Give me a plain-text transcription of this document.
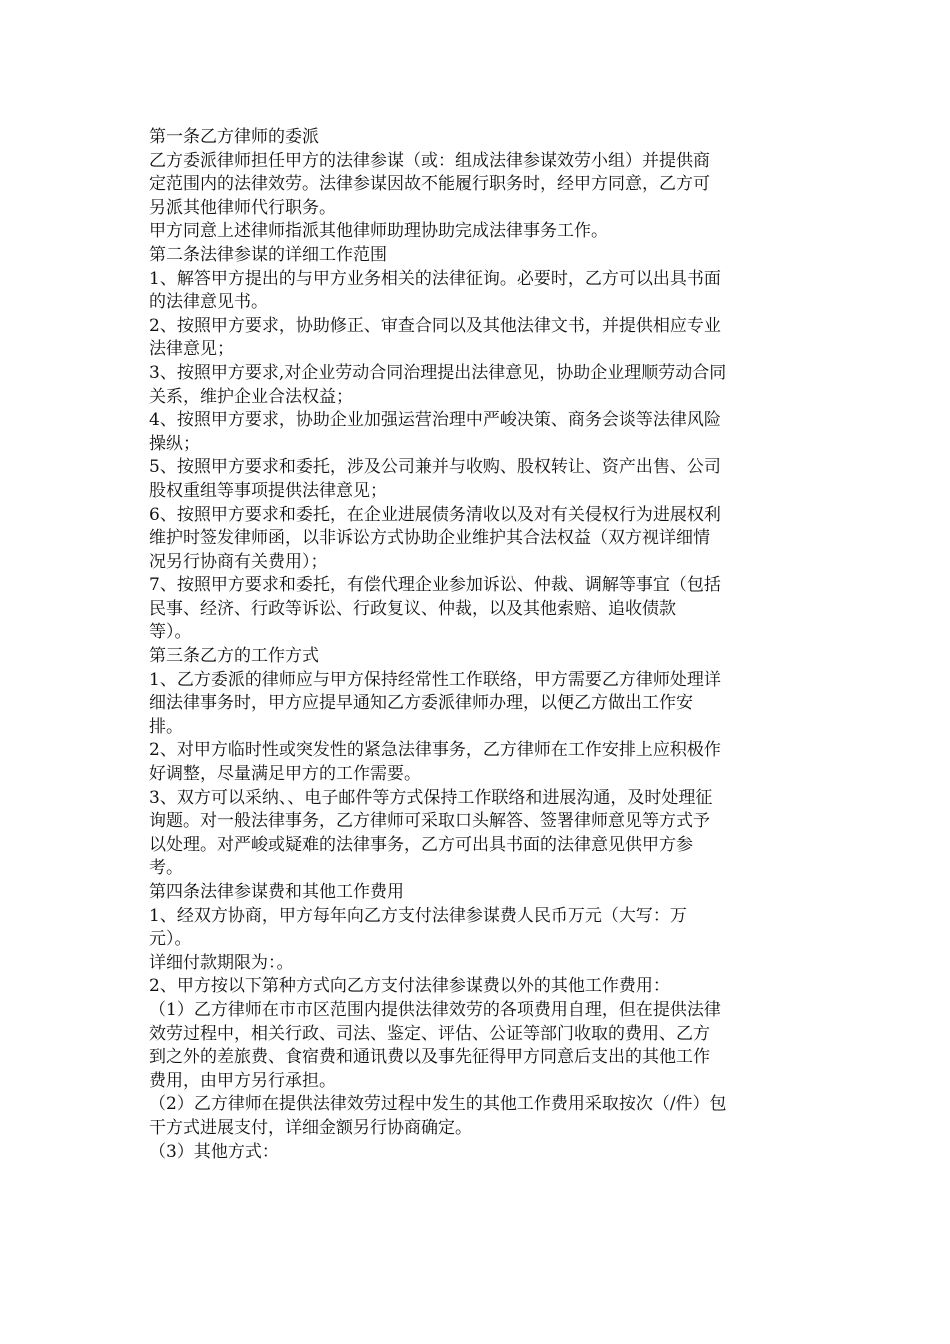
第一条乙方律师的委派

乙方委派律师担任甲方的法律参谋（或：组成法律参谋效劳小组）并提供商

定范围内的法律效劳。法律参谋因故不能履行职务时，经甲方同意，乙方可

另派其他律师代行职务。

甲方同意上述律师指派其他律师助理协助完成法律事务工作。

第二条法律参谋的详细工作范围

1、解答甲方提出的与甲方业务相关的法律征询。必要时，乙方可以出具书面

的法律意见书。

2、按照甲方要求，协助修正、审查合同以及其他法律文书，并提供相应专业

法律意见；

3、按照甲方要求,对企业劳动合同治理提出法律意见，协助企业理顺劳动合同

关系，维护企业合法权益；

4、按照甲方要求，协助企业加强运营治理中严峻决策、商务会谈等法律风险

操纵；

5、按照甲方要求和委托，涉及公司兼并与收购、股权转让、资产出售、公司

股权重组等事项提供法律意见；

6、按照甲方要求和委托，在企业进展债务清收以及对有关侵权行为进展权利

维护时签发律师函，以非诉讼方式协助企业维护其合法权益（双方视详细情

况另行协商有关费用）；

7、按照甲方要求和委托，有偿代理企业参加诉讼、仲裁、调解等事宜（包括

民事、经济、行政等诉讼、行政复议、仲裁，以及其他索赔、追收债款

等）。

第三条乙方的工作方式

1、乙方委派的律师应与甲方保持经常性工作联络，甲方需要乙方律师处理详

细法律事务时，甲方应提早通知乙方委派律师办理，以便乙方做出工作安

排。

2、对甲方临时性或突发性的紧急法律事务，乙方律师在工作安排上应积极作

好调整，尽量满足甲方的工作需要。

3、双方可以采纳、、电子邮件等方式保持工作联络和进展沟通，及时处理征

询题。对一般法律事务，乙方律师可采取口头解答、签署律师意见等方式予

以处理。对严峻或疑难的法律事务，乙方可出具书面的法律意见供甲方参

考。

第四条法律参谋费和其他工作费用

1、经双方协商，甲方每年向乙方支付法律参谋费人民币万元（大写：万

元）。

详细付款期限为：。

2、甲方按以下第种方式向乙方支付法律参谋费以外的其他工作费用：

（1）乙方律师在市市区范围内提供法律效劳的各项费用自理，但在提供法律

效劳过程中，相关行政、司法、鉴定、评估、公证等部门收取的费用、乙方

到之外的差旅费、食宿费和通讯费以及事先征得甲方同意后支出的其他工作

费用，由甲方另行承担。

（2）乙方律师在提供法律效劳过程中发生的其他工作费用采取按次（/件）包

干方式进展支付，详细金额另行协商确定。

（3）其他方式：
